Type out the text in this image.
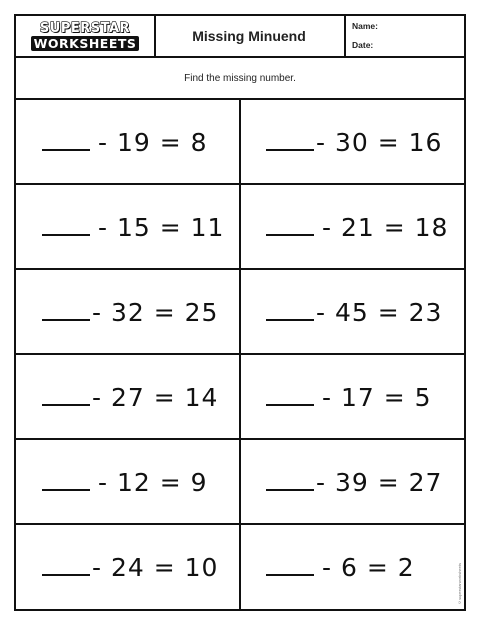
SUPERSTAR
WORKSHEETS	Missing Minuend
Name:
Date:
Find the missing number.
- 19 = 8	- 30 = 16
- 15 = 11	- 21 = 18
- 32 = 25	- 45 = 23
- 27 = 14	- 17 = 5
- 12 = 9	- 39 = 27
- 24 = 10	- 6 = 2	©superstarworksheets
